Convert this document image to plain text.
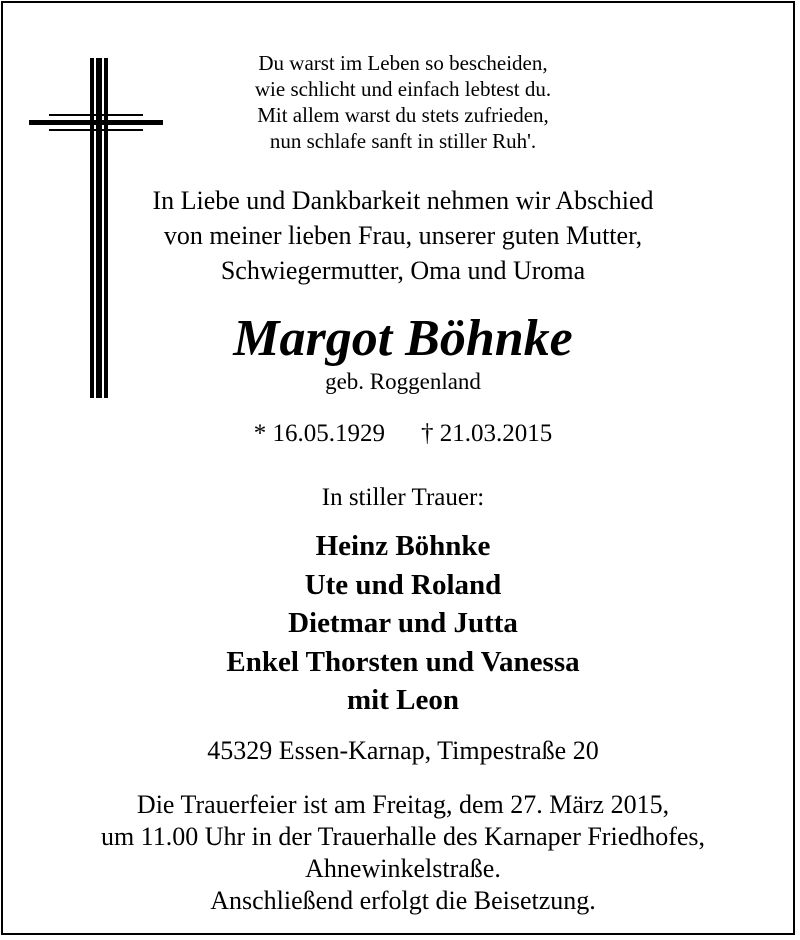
Du warst im Leben so bescheiden,
wie schlicht und einfach lebtest du.
Mit allem warst du stets zufrieden,
nun schlafe sanft in stiller Ruh'.
In Liebe und Dankbarkeit nehmen wir Abschied
von meiner lieben Frau, unserer guten Mutter,
Schwiegermutter, Oma und Uroma
Margot Böhnke
geb. Roggenland
* 16.05.1929 † 21.03.2015
In stiller Trauer:
Heinz Böhnke
Ute und Roland
Dietmar und Jutta
Enkel Thorsten und Vanessa
mit Leon
45329 Essen-Karnap, Timpestraße 20
Die Trauerfeier ist am Freitag, dem 27. März 2015,
um 11.00 Uhr in der Trauerhalle des Karnaper Friedhofes,
Ahnewinkelstraße.
Anschließend erfolgt die Beisetzung.
